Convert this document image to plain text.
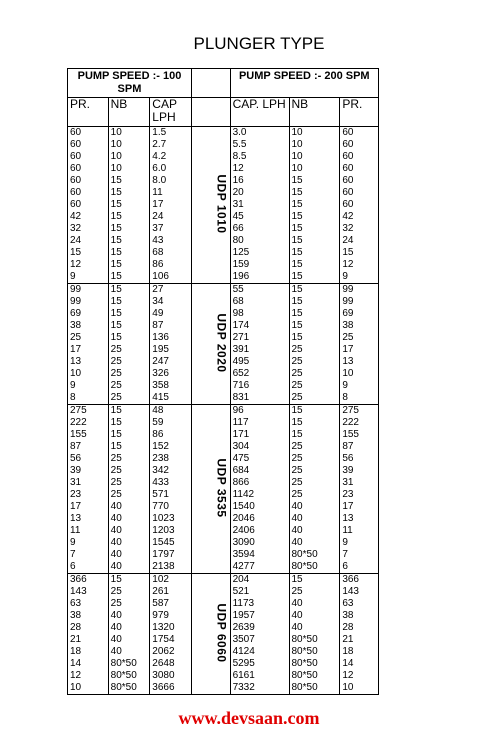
PLUNGER TYPE
PUMP SPEED :- 100 SPM				PUMP SPEED :- 200 SPM		
PR.	NB	CAP LPH		CAP. LPH	NB	PR.
60	10	1.5	UDP 1010	3.0	10	60
60	10	2.7		5.5	10	60
60	10	4.2		8.5	10	60
60	10	6.0		12	10	60
60	15	8.0		16	15	60
60	15	11		20	15	60
60	15	17		31	15	60
42	15	24		45	15	42
32	15	37		66	15	32
24	15	43		80	15	24
15	15	68		125	15	15
12	15	86		159	15	12
9	15	106		196	15	9
99	15	27	UDP 2020	55	15	99
99	15	34		68	15	99
69	15	49		98	15	69
38	15	87		174	15	38
25	15	136		271	15	25
17	25	195		391	25	17
13	25	247		495	25	13
10	25	326		652	25	10
9	25	358		716	25	9
8	25	415		831	25	8
275	15	48	UDP 3535	96	15	275
222	15	59		117	15	222
155	15	86		171	15	155
87	15	152		304	25	87
56	25	238		475	25	56
39	25	342		684	25	39
31	25	433		866	25	31
23	25	571		1142	25	23
17	40	770		1540	40	17
13	40	1023		2046	40	13
11	40	1203		2406	40	11
9	40	1545		3090	40	9
7	40	1797		3594	80*50	7
6	40	2138		4277	80*50	6
366	15	102	UDP 6060	204	15	366
143	25	261		521	25	143
63	25	587		1173	40	63
38	40	979		1957	40	38
28	40	1320		2639	40	28
21	40	1754		3507	80*50	21
18	40	2062		4124	80*50	18
14	80*50	2648		5295	80*50	14
12	80*50	3080		6161	80*50	12
10	80*50	3666		7332	80*50	10
www.devsaan.com
